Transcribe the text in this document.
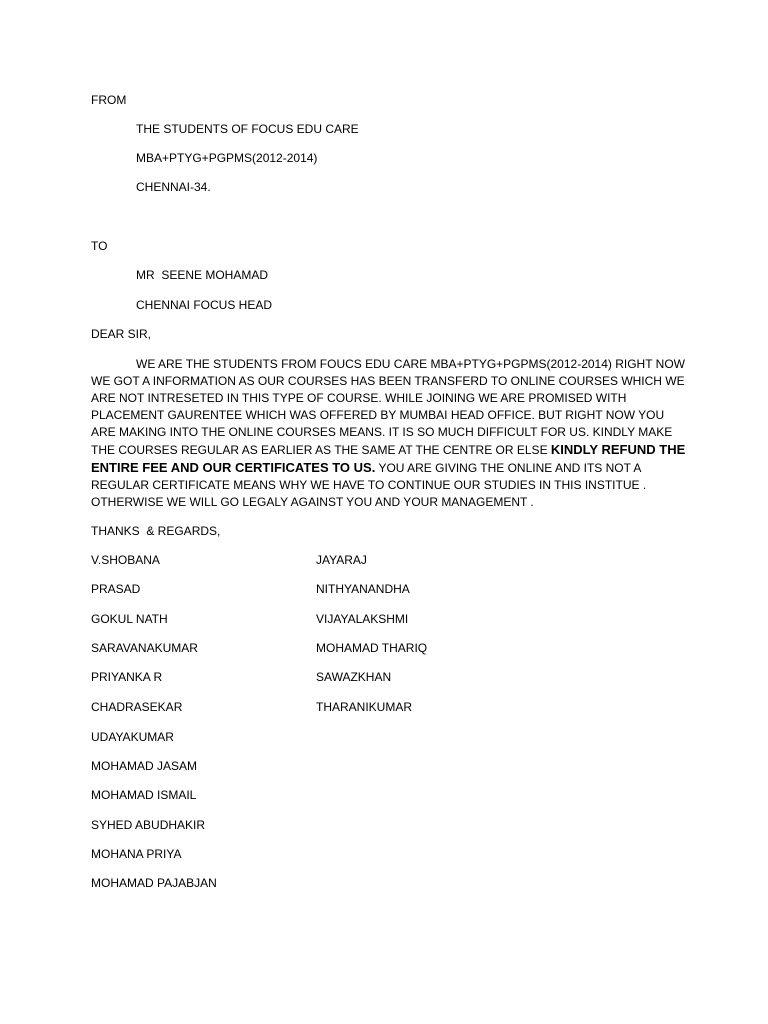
FROM
THE STUDENTS OF FOCUS EDU CARE
MBA+PTYG+PGPMS(2012-2014)
CHENNAI-34.
TO
MR  SEENE MOHAMAD
CHENNAI FOCUS HEAD
DEAR SIR,
WE ARE THE STUDENTS FROM FOUCS EDU CARE MBA+PTYG+PGPMS(2012-2014) RIGHT NOW WE GOT A INFORMATION AS OUR COURSES HAS BEEN TRANSFERD TO ONLINE COURSES WHICH WE ARE NOT INTRESETED IN THIS TYPE OF COURSE. WHILE JOINING WE ARE PROMISED WITH PLACEMENT GAURENTEE WHICH WAS OFFERED BY MUMBAI HEAD OFFICE. BUT RIGHT NOW YOU ARE MAKING INTO THE ONLINE COURSES MEANS. IT IS SO MUCH DIFFICULT FOR US. KINDLY MAKE THE COURSES REGULAR AS EARLIER AS THE SAME AT THE CENTRE OR ELSE KINDLY REFUND THE ENTIRE FEE AND OUR CERTIFICATES TO US. YOU ARE GIVING THE ONLINE AND ITS NOT A REGULAR CERTIFICATE MEANS WHY WE HAVE TO CONTINUE OUR STUDIES IN THIS INSTITUE . OTHERWISE WE WILL GO LEGALY AGAINST YOU AND YOUR MANAGEMENT .
THANKS  & REGARDS,
V.SHOBANA
PRASAD
GOKUL NATH
SARAVANAKUMAR
PRIYANKA R
CHADRASEKAR
UDAYAKUMAR
MOHAMAD JASAM
MOHAMAD ISMAIL
SYHED ABUDHAKIR
MOHANA PRIYA
MOHAMAD PAJABJAN
JAYARAJ
NITHYANANDHA
VIJAYALAKSHMI
MOHAMAD THARIQ
SAWAZKHAN
THARANIKUMAR
